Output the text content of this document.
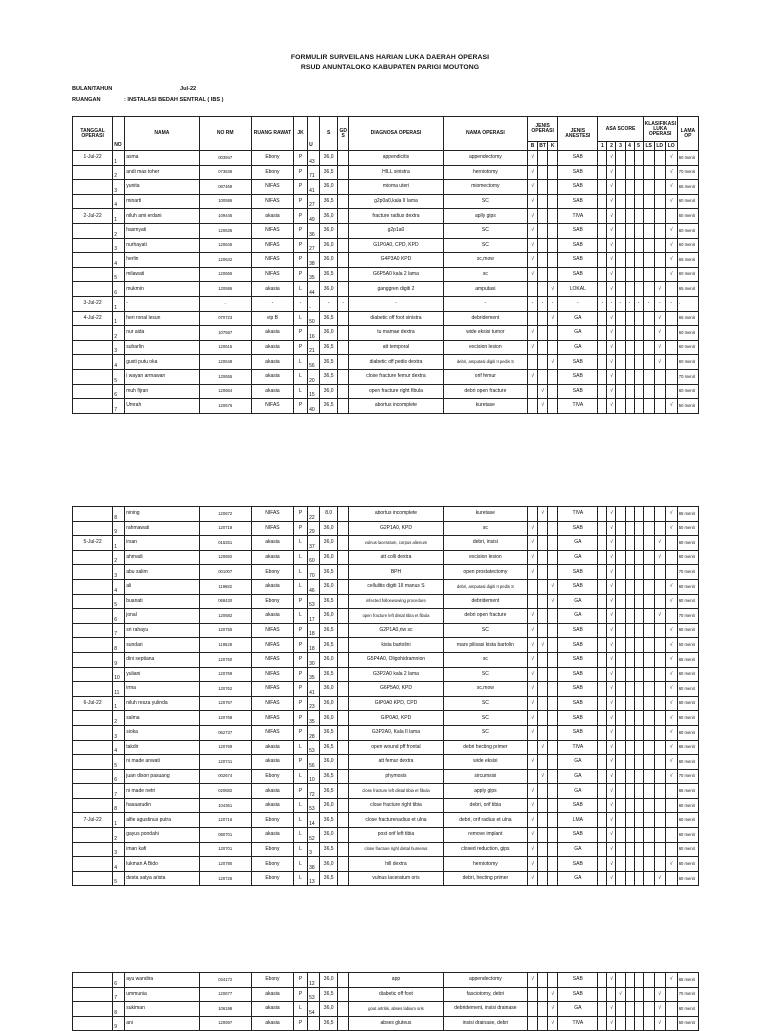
FORMULIR SURVEILANS HARIAN LUKA DAERAH OPERASI
RSUD ANUNTALOKO KABUPATEN PARIGI MOUTONG
BULAN/TAHUN	Jul-22
RUANGAN	: INSTALASI BEDAH SENTRAL ( IBS )
TANGGAL OPERASI		NAMA	NO RM	RUANG RAWAT	JK		S	GD S	DIAGNOSA OPERASI	NAMA OPERASI	JENIS OPERASI			JENIS ANESTESI	ASA SCORE					KLASIFIKASI LUKA OPERASI			LAMA OP
	NO					U					B	BT	K		1	2	3	4	5	LS	LD	LO	
1-Jul-22	1	asma	003947	Ebony	P	43	36,0		appendicitis	appendectomy	√			SAB		√						√	60 menit
	2	andi mas toher	073636	Ebony	P	71	36,5		HILL sinistra	herniotomy	√			SAB		√						√	70 menit
	3	yunita	087469	NIFAS	P	41	36,0		mioma uteri	miomectomy	√			SAB		√						√	65 menit
	4	minarti	100595	NIFAS	P	27	36,5		g2p0a0,kala II lama	SC	√			SAB		√						√	60 menit
2-Jul-22	1	niluh ami erdani	109445	akasia	P	49	36,0		fracture radius dextra	aplly gips	√			TIVA		√							60 menit
	2	hasmyati	120635	NIFAS	P	36	36,0		g2p1a0	SC	√			SAB		√						√	60 menit
	3	nurhayati	120645	NIFAS	P	27	36,0		G1P0A0, CPD, KPD	SC	√			SAB		√						√	60 menit
	4	herlin	120642	NIFAS	P	38	36,0		G4P3A0 KPD	sc,mow	√			SAB		√						√	65 menit
	5	milawati	120665	NIFAS	P	35	36,5		G6P5A0 kala 2 lama	sc	√			SAB		√						√	60 menit
	6	mukmin	120595	akasia	L	44	36,0		ganggren digiti 2	amputasi			√	LOKAL		√					√		65 menit
3-Jul-22	1	-	-	-	-	-	-	-	-	-	-	-	-	-	-	-	-	-	-	-	-	-	-
4-Jul-22	1	heri ronal lesun	070723	vip B	L	50	36,5		diabetic off foot sinistra	debridement			√	GA		√					√		65 menit
	2	nur aida	107597	akasia	P	16	36,0		tu mamae dextra	wide eksisi tumor	√			GA		√					√		60 menit
	3	suharlin	120615	akasia	P	21	36,5		att temporal	excision lesion	√			GA		√					√		60 menit
	4	gusti putu oka	120648	akasia	L	56	36,5		diabetic off pedis dextra	debri, amputasi digiti II pedis S			√	SAB		√					√		60 menit
	5	i wayan armawan	120655	akasia	L	20	36,5		close fracture femur dextra	orif femur	√			SAB		√							70 menit
	6	muh fijran	120664	akasia	L	15	36,0		open fracture right fibula	debri open fracture		√		SAB		√							60 menit
	7	Umrah	120676	NIFAS	P	40	36,5		abortus incomplete	kuretase		√		TIVA		√						√	50 menit
	8	nining	120672	NIFAS	P	22	8.0		abortus incomplete	kuretase		√		TIVA		√						√	65 menit
	9	rahmawati	120718	NIFAS	P	29	36,0		G2P1A0, KPD	sc	√			SAB		√						√	50 menit
5-Jul-22	1	irsan	015251	akasia	L	37	36,0		vulnus laceratum, corpus alienum	debri, insisi	√			GA		√					√		60 menit
	2	ahmadi	120692	akasia	L	60	36,0		att colli dextra	excision lesion	√			GA		√					√		60 menit
	3	abu salim	001007	Ebony	L	70	36,5		BPH	open prostatectomy	√			SAB		√							70 menit
	4	ali	119682	akasia	L	46	36,0		cellulitis digiti 1II manus S	debri, amputasi digiti II pedis S			√	SAB		√						√	60 menit
	5	buanati	068430	Ebony	P	53	36,5		infected folloewowing procedure	debridement			√	GA		√						√	60 menit
	6	jonal	120682	akasia	L	17	36,0		open fracture left distal tibia et fibula	debri open fracture	√			GA		√					√		70 menit
	7	sri rahayu	120755	NIFAS	P	18	36,5		G2P1A0,riw sc	SC	√			SAB		√						√	60 menit
	8	sundari	119528	NIFAS	P	18	36,5		kista bartolini	mars pilisasi kista bartolin	√	√		SAB		√						√	50 menit
	9	dini septiana	120760	NIFAS	P	30	36,0		G5P4A0, Oligohidramnion	sc	√			SAB		√						√	65 menit
	10	yuliani	120769	NIFAS	P	35	36,5		G3P2A0 kala 2 lama	SC	√			SAB		√						√	60 menit
	11	irma	120762	NIFAS	P	41	36,0		G6P5A0, KPD	sc,mow	√			SAB		√						√	60 menit
6-Jul-22	1	niluh resza yulinda	120767	NIFAS	P	23	36,0		GIP0A0 KPD, CPD	SC	√			SAB		√						√	60 menit
	2	salma	120768	NIFAS	P	35	36,0		GIP0A0, KPD	SC	√			SAB		√						√	60 menit
	3	sioka	062737	NIFAS	P	28	36,5		G3P2A0, Kala II lama	SC	√			SAB		√						√	60 menit
	4	takdir	120769	akasia	L	53	36,5		open wound pff frontal	debri hecting primer		√		TIVA		√						√	65 menit
	5	ni made anwati	120741	akasia	P	56	36,0		att femur dextra	wide eksisi	√			GA		√						√	60 menit
	6	juan dison pasuang	002674	Ebony	L	10	36,5		phymosis	sircumsisi		√		GA		√						√	70 menit
	7	ni made netri	020682	akasia	P	72	36,5		close fracture left distal tibia et fibula	apply gips	√			GA		√							65 menit
	8	hasaarudin	104361	akasia	L	53	36,0		close fracture right tibia	debri, orif tibia	√			SAB		√							60 menit
7-Jul-22	1	alfie agustinus putra	120716	Ebony	L	14	36,5		close fracturenadius et ulna	debri, orif radius et ulna	√			LMA		√							60 menit
	2	gayus pondahi	080701	akasia	L	52	36,0		post orif left tibia	remove implant	√			SAB		√							60 menit
	3	iman kafi	120701	Ebony	L	3	36,5		close fracture right distal humerus	closed reduction, gips	√			GA		√							60 menit
	4	lukman A Bido	120780	Ebony	L	38	36,0		hill dextra	herniotomy	√			SAB		√						√	60 menit
	5	desta satya arista	120726	Ebony	L	13	36,5		vulnus laceratum oris	debri, hecting primer	√			GA		√					√		60 menit
	6	ayu wandira	034172	Ebony	P	12	36,0		app	appendectomy	√			SAB		√						√	65 menit
	7	ummunia	120677	akasia	P	53	36,5		diabetic off foot	fasciotomy, debri			√	SAB			√				√		70 menit
	8	sukiman	106198	akasia	L	54	36,0		gout artritis, abses labium oris	debridement, insisi drainase			√	GA		√					√		60 menit
	9	ani	120697	akasia	P		36,5		abses gluteus	insisi drainase, debri			√	TIVA		√					√		50 menit
